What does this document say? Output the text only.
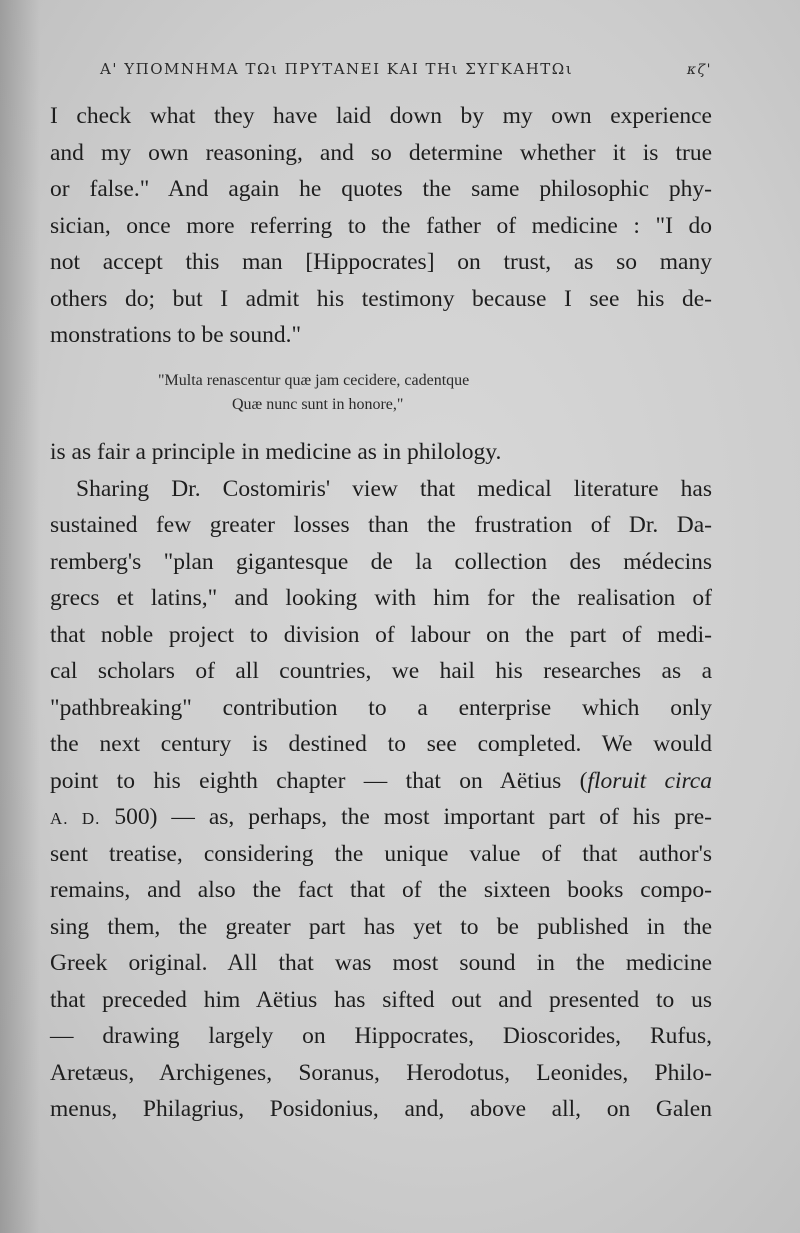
Α' ΥΠΟΜΝΗΜΑ ΤΩι ΠΡΥΤΑΝΕΙ ΚΑΙ ΤΗι ΣΥΓΚΑΗΤΩι	κζ'
I check what they have laid down by my own experience
and my own reasoning, and so determine whether it is true
or false." And again he quotes the same philosophic phy-
sician, once more referring to the father of medicine : "I do
not accept this man [Hippocrates] on trust, as so many
others do; but I admit his testimony because I see his de-
monstrations to be sound."
"Multa renascentur quæ jam cecidere, cadentque
Quæ nunc sunt in honore,"
is as fair a principle in medicine as in philology.
Sharing Dr. Costomiris' view that medical literature has
sustained few greater losses than the frustration of Dr. Da-
remberg's "plan gigantesque de la collection des médecins
grecs et latins," and looking with him for the realisation of
that noble project to division of labour on the part of medi-
cal scholars of all countries, we hail his researches as a
"pathbreaking" contribution to a enterprise which only
the next century is destined to see completed. We would
point to his eighth chapter — that on Aëtius (floruit circa
A. D. 500) — as, perhaps, the most important part of his pre-
sent treatise, considering the unique value of that author's
remains, and also the fact that of the sixteen books compo-
sing them, the greater part has yet to be published in the
Greek original. All that was most sound in the medicine
that preceded him Aëtius has sifted out and presented to us
— drawing largely on Hippocrates, Dioscorides, Rufus,
Aretæus, Archigenes, Soranus, Herodotus, Leonides, Philo-
menus, Philagrius, Posidonius, and, above all, on Galen
